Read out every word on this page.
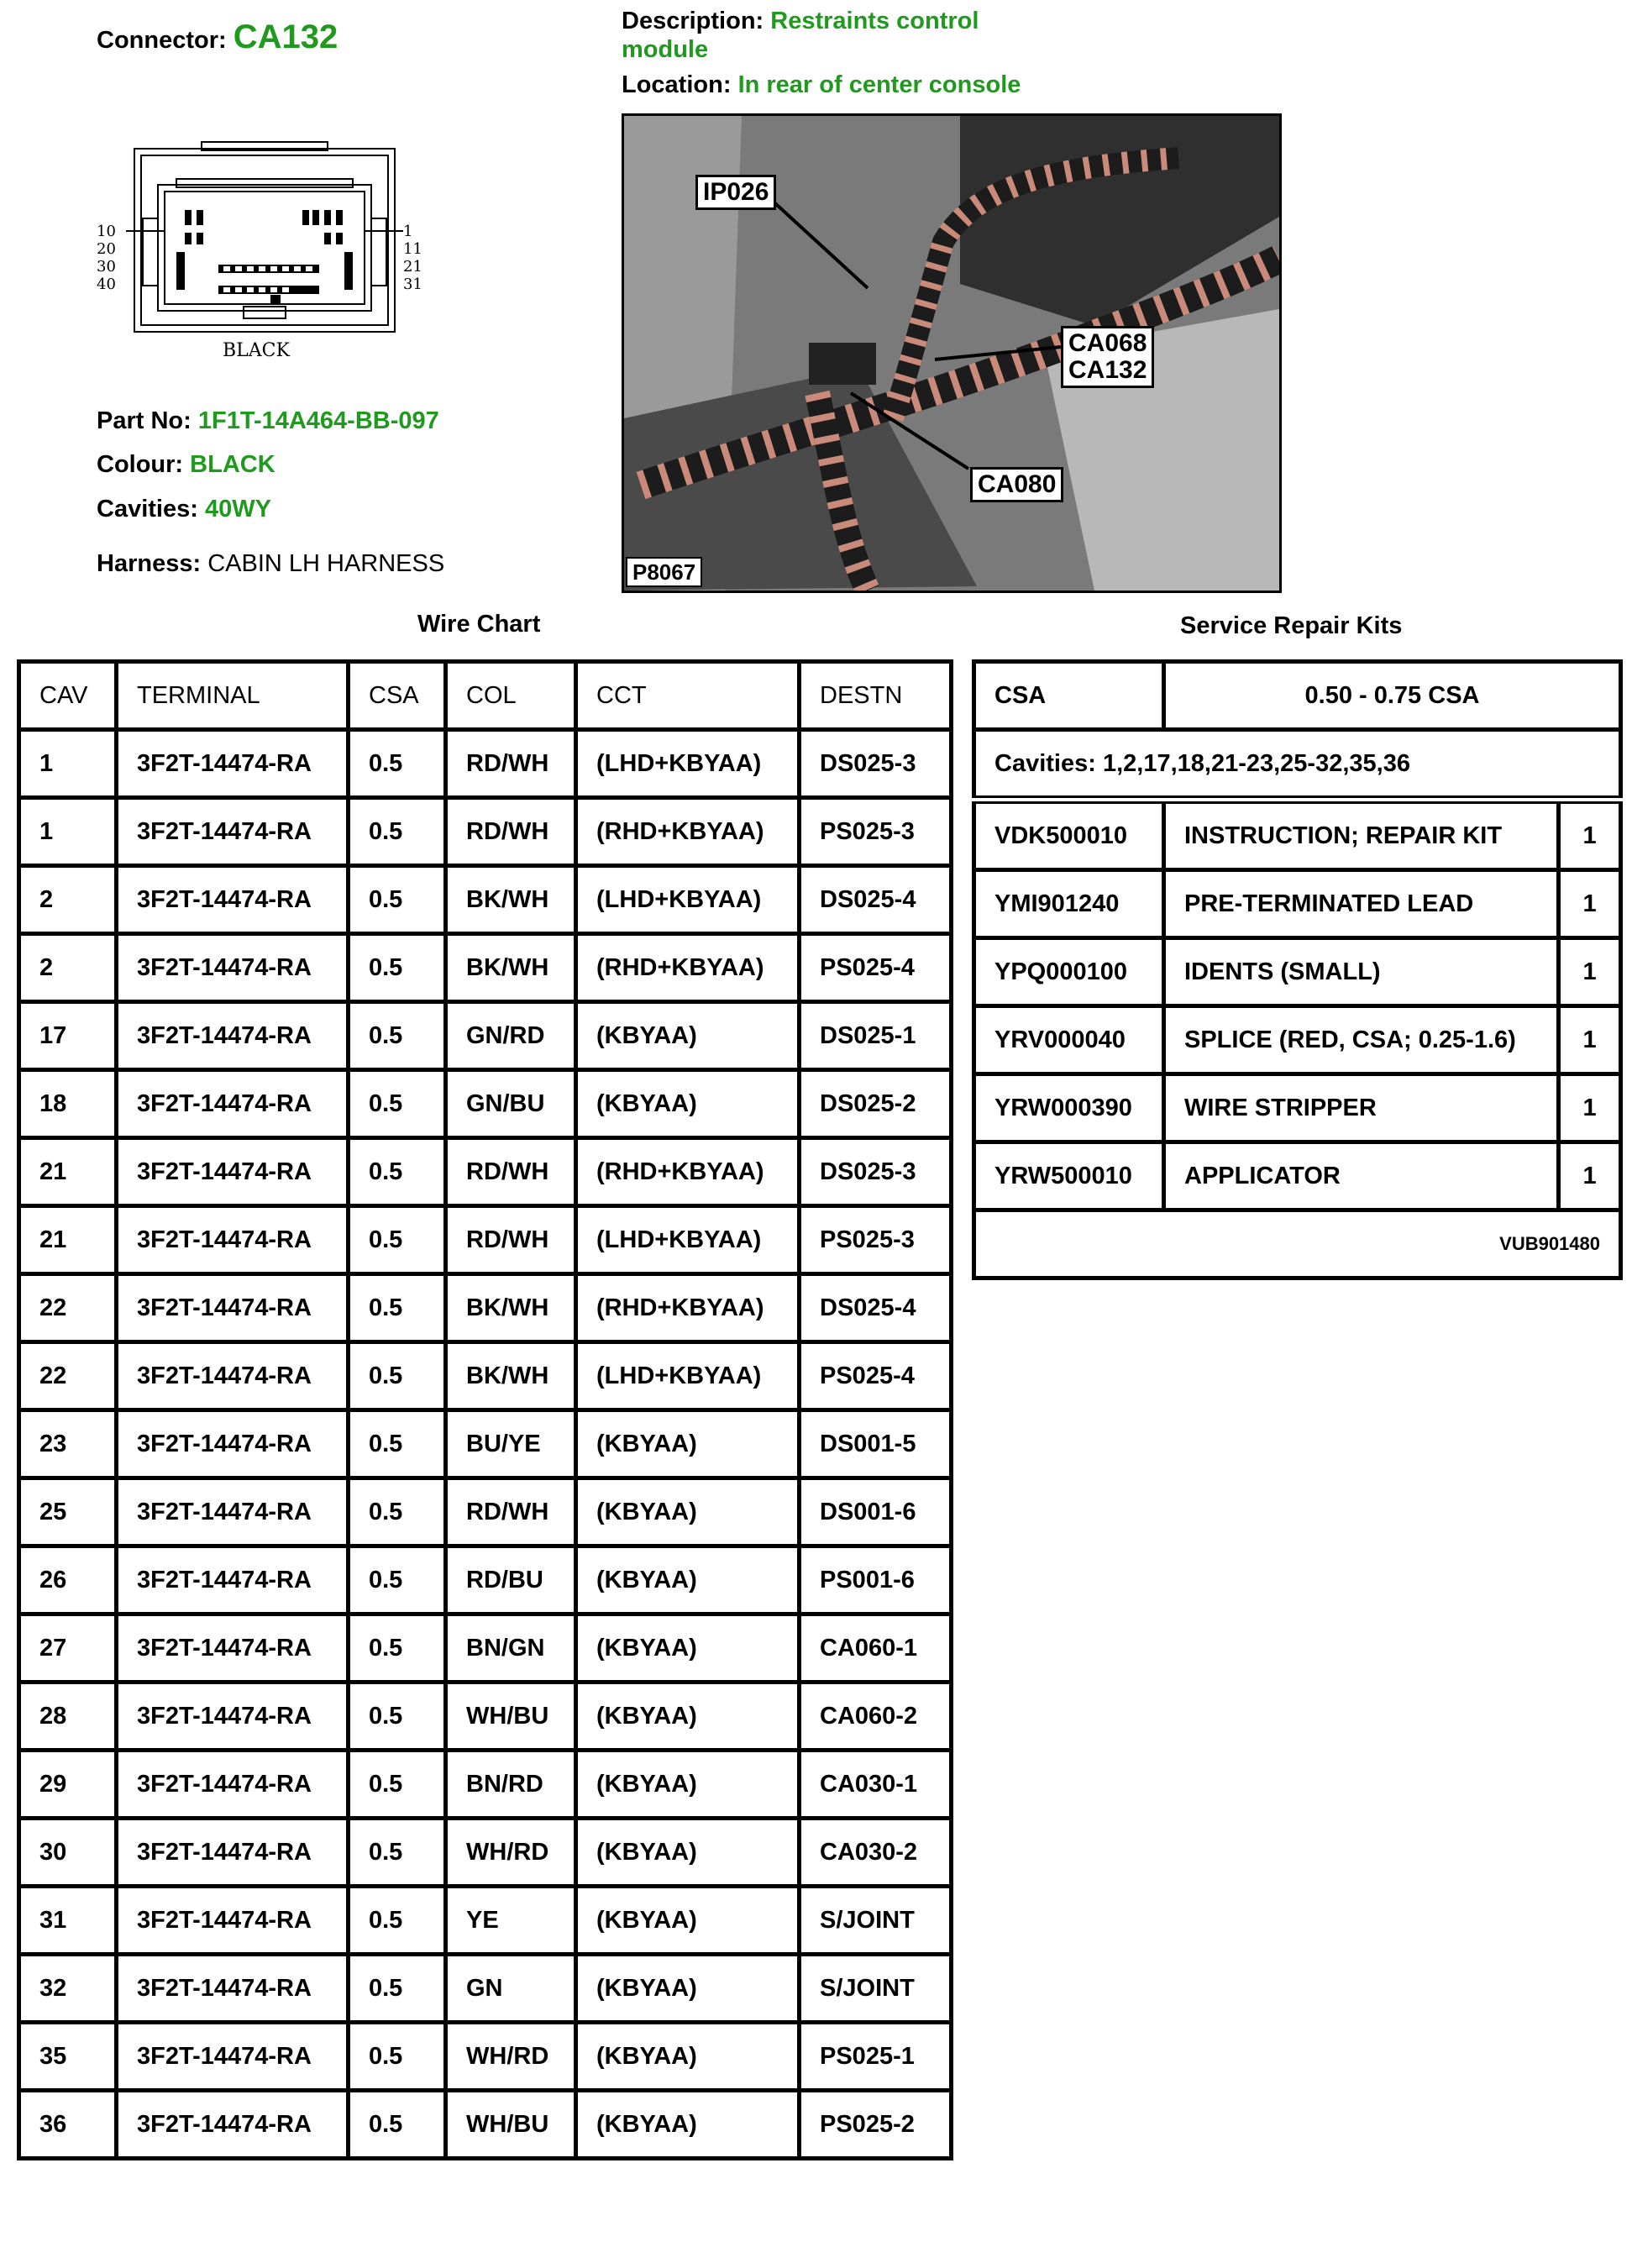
Connector: CA132	Description: Restraints control
module
Location: In rear of center console
10
20
30
40
1
11
21
31
BLACK
Part No: 1F1T-14A464-BB-097
Colour: BLACK
Cavities: 40WY
Harness: CABIN LH HARNESS
IP026
CA068
CA132
CA080
P8067
Wire Chart	Service Repair Kits
CAV	TERMINAL	CSA	COL	CCT	DESTN
1	3F2T-14474-RA	0.5	RD/WH	(LHD+KBYAA)	DS025-3
1	3F2T-14474-RA	0.5	RD/WH	(RHD+KBYAA)	PS025-3
2	3F2T-14474-RA	0.5	BK/WH	(LHD+KBYAA)	DS025-4
2	3F2T-14474-RA	0.5	BK/WH	(RHD+KBYAA)	PS025-4
17	3F2T-14474-RA	0.5	GN/RD	(KBYAA)	DS025-1
18	3F2T-14474-RA	0.5	GN/BU	(KBYAA)	DS025-2
21	3F2T-14474-RA	0.5	RD/WH	(RHD+KBYAA)	DS025-3
21	3F2T-14474-RA	0.5	RD/WH	(LHD+KBYAA)	PS025-3
22	3F2T-14474-RA	0.5	BK/WH	(RHD+KBYAA)	DS025-4
22	3F2T-14474-RA	0.5	BK/WH	(LHD+KBYAA)	PS025-4
23	3F2T-14474-RA	0.5	BU/YE	(KBYAA)	DS001-5
25	3F2T-14474-RA	0.5	RD/WH	(KBYAA)	DS001-6
26	3F2T-14474-RA	0.5	RD/BU	(KBYAA)	PS001-6
27	3F2T-14474-RA	0.5	BN/GN	(KBYAA)	CA060-1
28	3F2T-14474-RA	0.5	WH/BU	(KBYAA)	CA060-2
29	3F2T-14474-RA	0.5	BN/RD	(KBYAA)	CA030-1
30	3F2T-14474-RA	0.5	WH/RD	(KBYAA)	CA030-2
31	3F2T-14474-RA	0.5	YE	(KBYAA)	S/JOINT
32	3F2T-14474-RA	0.5	GN	(KBYAA)	S/JOINT
35	3F2T-14474-RA	0.5	WH/RD	(KBYAA)	PS025-1
36	3F2T-14474-RA	0.5	WH/BU	(KBYAA)	PS025-2
CSA	0.50 - 0.75 CSA	
Cavities: 1,2,17,18,21-23,25-32,35,36		
VDK500010	INSTRUCTION; REPAIR KIT	1
YMI901240	PRE-TERMINATED LEAD	1
YPQ000100	IDENTS (SMALL)	1
YRV000040	SPLICE (RED, CSA; 0.25-1.6)	1
YRW000390	WIRE STRIPPER	1
YRW500010	APPLICATOR	1
VUB901480		
